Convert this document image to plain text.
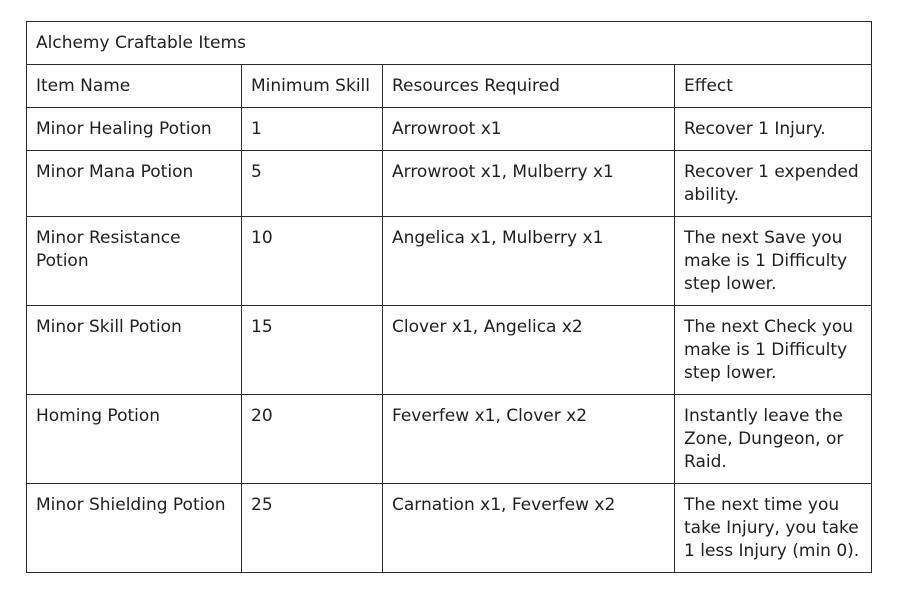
Alchemy Craftable Items			
Item Name	Minimum Skill	Resources Required	Effect
Minor Healing Potion	1	Arrowroot x1	Recover 1 Injury.
Minor Mana Potion	5	Arrowroot x1, Mulberry x1	Recover 1 expended ability.
Minor Resistance Potion	10	Angelica x1, Mulberry x1	The next Save you make is 1 Difficulty step lower.
Minor Skill Potion	15	Clover x1, Angelica x2	The next Check you make is 1 Difficulty step lower.
Homing Potion	20	Feverfew x1, Clover x2	Instantly leave the Zone, Dungeon, or Raid.
Minor Shielding Potion	25	Carnation x1, Feverfew x2	The next time you take Injury, you take 1 less Injury (min 0).
